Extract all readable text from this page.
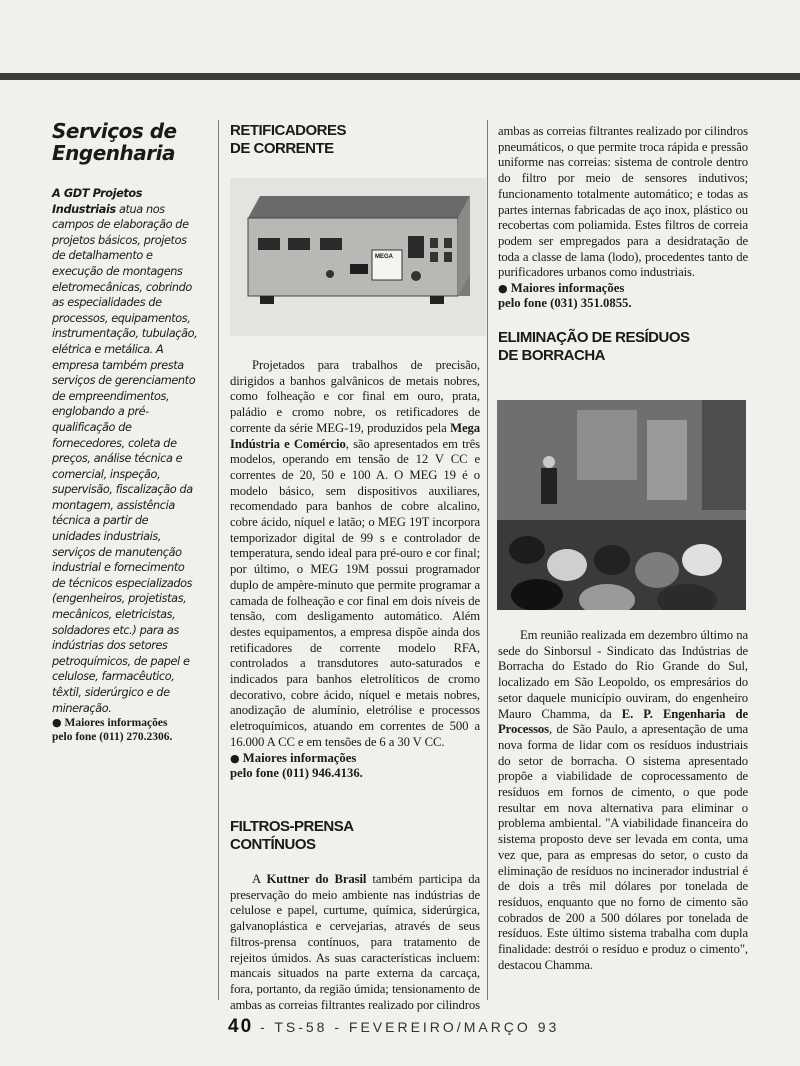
Serviços de
Engenharia

A GDT Projetos Industriais atua nos campos de elaboração de projetos básicos, projetos de detalhamento e execução de montagens eletromecânicas, cobrindo as especialidades de processos, equipamentos, instrumentação, tubulação, elétrica e metálica. A empresa também presta serviços de gerenciamento de empreendimentos, englobando a pré-qualificação de fornecedores, coleta de preços, análise técnica e comercial, inspeção, supervisão, fiscalização da montagem, assistência técnica a partir de unidades industriais, serviços de manutenção industrial e fornecimento de técnicos especializados (engenheiros, projetistas, mecânicos, eletricistas, soldadores etc.) para as indústrias dos setores petroquímicos, de papel e celulose, farmacêutico, têxtil, siderúrgico e de mineração.

● Maiores informações
pelo fone (011) 270.2306.

RETIFICADORES
DE CORRENTE
MEGA

Projetados para trabalhos de precisão, dirigidos a banhos galvânicos de metais nobres, como folheação e cor final em ouro, prata, paládio e cromo nobre, os retificadores de corrente da série MEG-19, produzidos pela Mega Indústria e Comércio, são apresentados em três modelos, operando em tensão de 12 V CC e correntes de 20, 50 e 100 A. O MEG 19 é o modelo básico, sem dispositivos auxiliares, recomendado para banhos de cobre alcalino, cobre ácido, níquel e latão; o MEG 19T incorpora temporizador digital de 99 s e controlador de temperatura, sendo ideal para pré-ouro e cor final; por último, o MEG 19M possui programador duplo de ampère-minuto que permite programar a camada de folheação e cor final em dois níveis de tensão, com desligamento automático. Além destes equipamentos, a empresa dispõe ainda dos retificadores de corrente modelo RFA, controlados a transdutores auto-saturados e indicados para banhos eletrolíticos de cromo decorativo, cobre ácido, níquel e metais nobres, anodização de alumínio, eletrólise e processos eletroquímicos, atuando em correntes de 500 a 16.000 A CC e em tensões de 6 a 30 V CC.

● Maiores informações
pelo fone (011) 946.4136.

FILTROS-PRENSA
CONTÍNUOS

A Kuttner do Brasil também participa da preservação do meio ambiente nas indústrias de celulose e papel, curtume, química, siderúrgica, galvanoplástica e cervejarias, através de seus filtros-prensa contínuos, para tratamento de rejeitos úmidos. As suas características incluem: mancais situados na parte externa da carcaça, fora, portanto, da região úmida; tensionamento de ambas as correias filtrantes realizado por cilindros

ambas as correias filtrantes realizado por cilindros pneumáticos, o que permite troca rápida e pressão uniforme nas correias: sistema de controle dentro do filtro por meio de sensores indutivos; funcionamento totalmente automático; e todas as partes internas fabricadas de aço inox, plástico ou recobertas com poliamida. Estes filtros de correia podem ser empregados para a desidratação de toda a classe de lama (lodo), procedentes tanto de purificadores urbanos como industriais.

● Maiores informações
pelo fone (031) 351.0855.

ELIMINAÇÃO DE RESÍDUOS
DE BORRACHA

Em reunião realizada em dezembro último na sede do Sinborsul - Sindicato das Indústrias de Borracha do Estado do Rio Grande do Sul, localizado em São Leopoldo, os empresários do setor daquele município ouviram, do engenheiro Mauro Chamma, da E. P. Engenharia de Processos, de São Paulo, a apresentação de uma nova forma de lidar com os resíduos industriais do setor de borracha. O sistema apresentado propõe a viabilidade de coprocessamento de resíduos em fornos de cimento, o que pode resultar em nova alternativa para eliminar o problema ambiental. "A viabilidade financeira do sistema proposto deve ser levada em conta, uma vez que, para as empresas do setor, o custo da eliminação de resíduos no incinerador industrial é de dois a três mil dólares por tonelada de resíduos, enquanto que no forno de cimento são cobrados de 200 a 500 dólares por tonelada de resíduos. Este último sistema trabalha com dupla finalidade: destrói o resíduo e produz o cimento", destacou Chamma.

40 - TS-58 - FEVEREIRO/MARÇO 93
